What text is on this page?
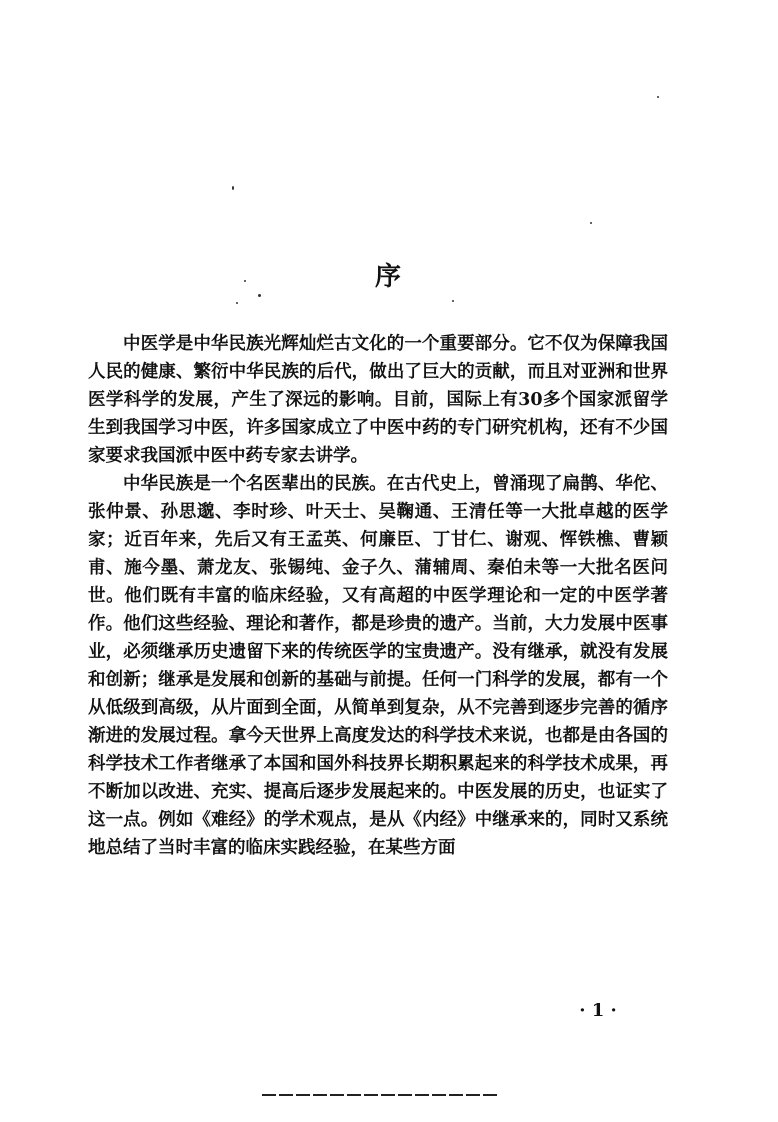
序

中医学是中华民族光辉灿烂古文化的一个重要部分。它不仅为保障我国人民的健康、繁衍中华民族的后代，做出了巨大的贡献，而且对亚洲和世界医学科学的发展，产生了深远的影响。目前，国际上有30多个国家派留学生到我国学习中医，许多国家成立了中医中药的专门研究机构，还有不少国家要求我国派中医中药专家去讲学。

中华民族是一个名医辈出的民族。在古代史上，曾涌现了扁鹊、华佗、张仲景、孙思邈、李时珍、叶天士、吴鞠通、王清任等一大批卓越的医学家；近百年来，先后又有王孟英、何廉臣、丁甘仁、谢观、恽铁樵、曹颖甫、施今墨、萧龙友、张锡纯、金子久、蒲辅周、秦伯未等一大批名医问世。他们既有丰富的临床经验，又有高超的中医学理论和一定的中医学著作。他们这些经验、理论和著作，都是珍贵的遗产。当前，大力发展中医事业，必须继承历史遗留下来的传统医学的宝贵遗产。没有继承，就没有发展和创新；继承是发展和创新的基础与前提。任何一门科学的发展，都有一个从低级到高级，从片面到全面，从简单到复杂，从不完善到逐步完善的循序渐进的发展过程。拿今天世界上高度发达的科学技术来说，也都是由各国的科学技术工作者继承了本国和国外科技界长期积累起来的科学技术成果，再不断加以改进、充实、提高后逐步发展起来的。中医发展的历史，也证实了这一点。例如《难经》的学术观点，是从《内经》中继承来的，同时又系统地总结了当时丰富的临床实践经验，在某些方面

· 1 ·
